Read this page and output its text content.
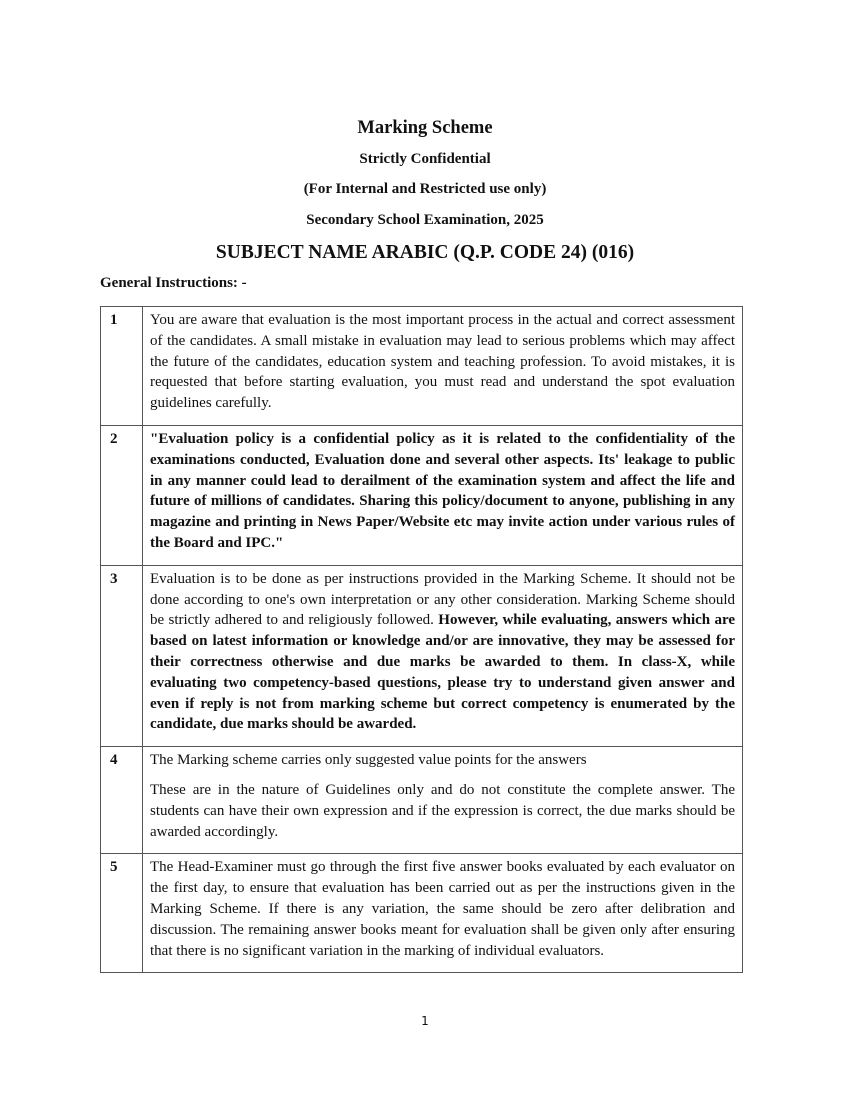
Marking Scheme
Strictly Confidential
(For Internal and Restricted use only)
Secondary School Examination, 2025
SUBJECT NAME ARABIC (Q.P. CODE 24) (016)
General Instructions: -
1	You are aware that evaluation is the most important process in the actual and correct assessment of the candidates. A small mistake in evaluation may lead to serious problems which may affect the future of the candidates, education system and teaching profession. To avoid mistakes, it is requested that before starting evaluation, you must read and understand the spot evaluation guidelines carefully.

2	"Evaluation policy is a confidential policy as it is related to the confidentiality of the examinations conducted, Evaluation done and several other aspects. Its' leakage to public in any manner could lead to derailment of the examination system and affect the life and future of millions of candidates. Sharing this policy/document to anyone, publishing in any magazine and printing in News Paper/Website etc may invite action under various rules of the Board and IPC."

3	Evaluation is to be done as per instructions provided in the Marking Scheme. It should not be done according to one's own interpretation or any other consideration. Marking Scheme should be strictly adhered to and religiously followed. However, while evaluating, answers which are based on latest information or knowledge and/or are innovative, they may be assessed for their correctness otherwise and due marks be awarded to them. In class-X, while evaluating two competency-based questions, please try to understand given answer and even if reply is not from marking scheme but correct competency is enumerated by the candidate, due marks should be awarded.

4	The Marking scheme carries only suggested value points for the answers

These are in the nature of Guidelines only and do not constitute the complete answer. The students can have their own expression and if the expression is correct, the due marks should be awarded accordingly.

5	The Head-Examiner must go through the first five answer books evaluated by each evaluator on the first day, to ensure that evaluation has been carried out as per the instructions given in the Marking Scheme. If there is any variation, the same should be zero after delibration and discussion. The remaining answer books meant for evaluation shall be given only after ensuring that there is no significant variation in the marking of individual evaluators.

1
